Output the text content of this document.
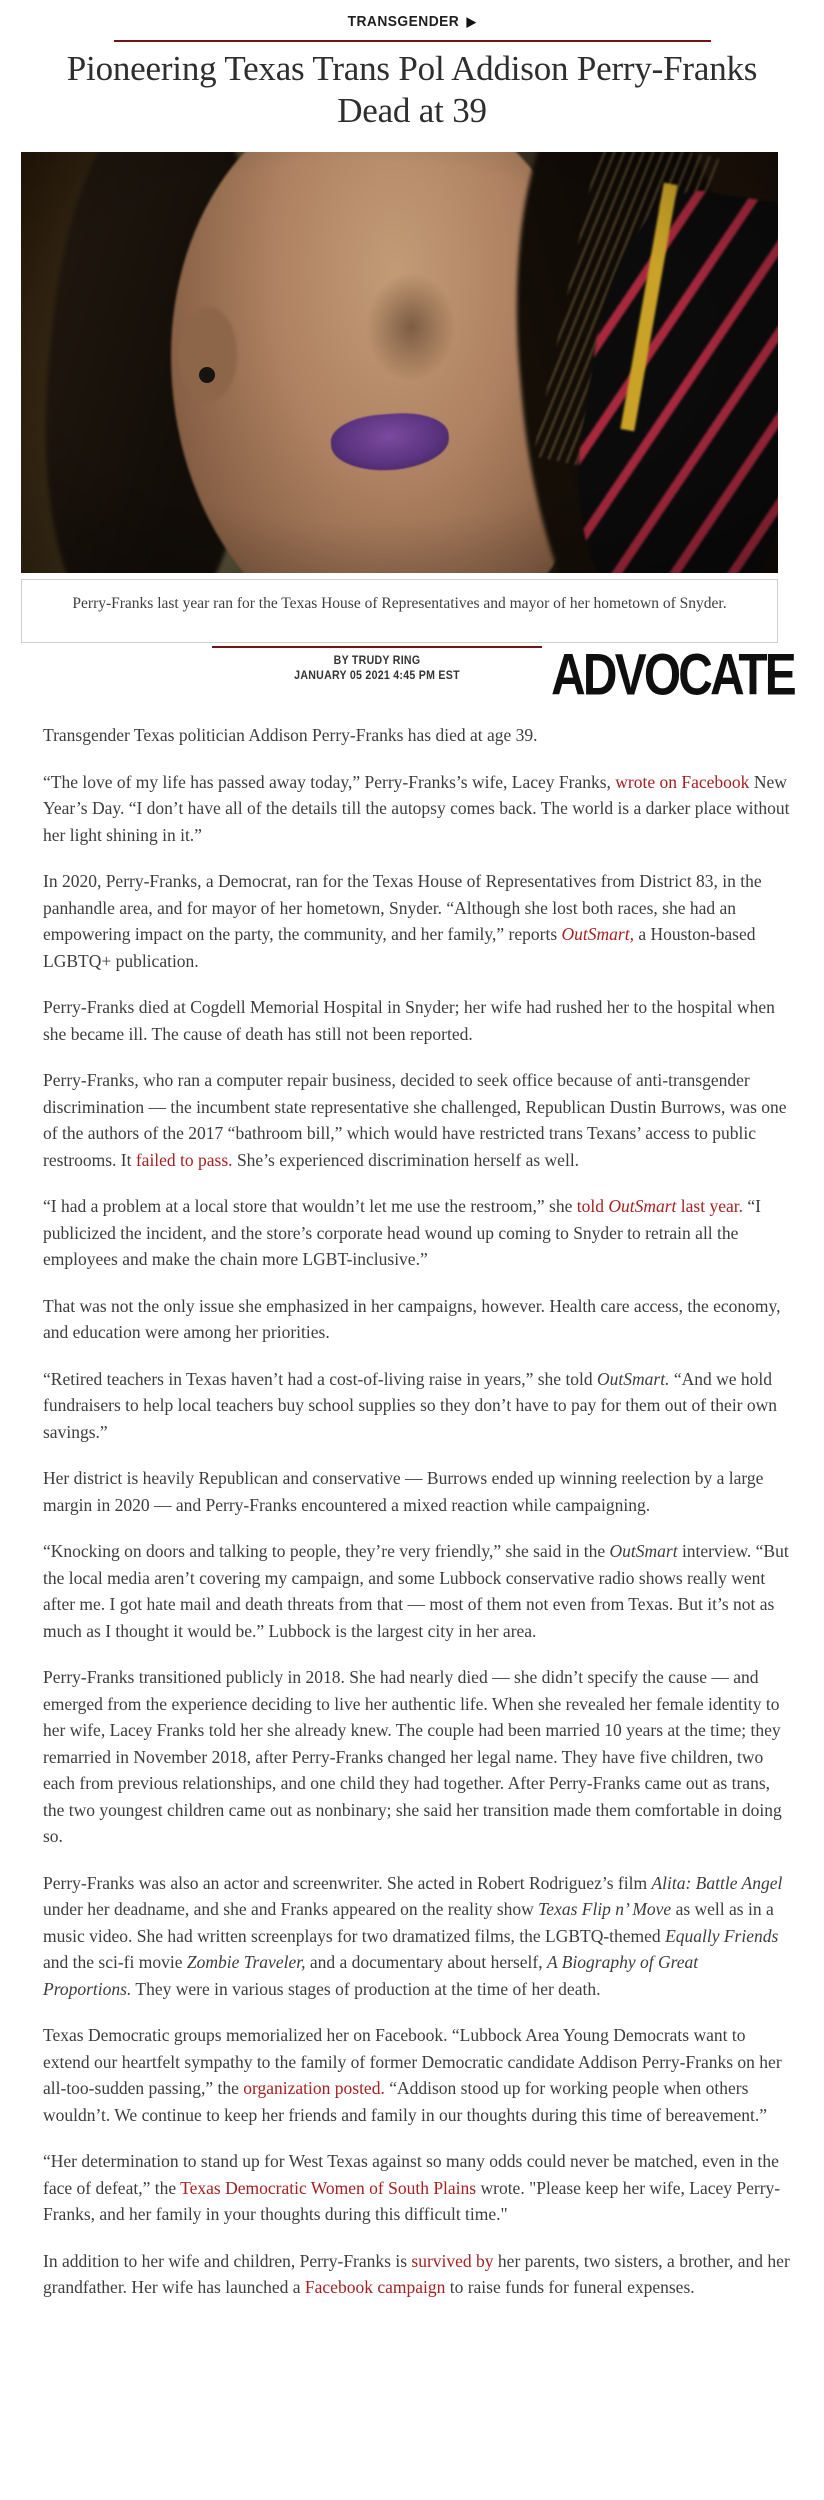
TRANSGENDER ▶
Pioneering Texas Trans Pol Addison Perry-Franks Dead at 39
Perry-Franks last year ran for the Texas House of Representatives and mayor of her hometown of Snyder.
BY TRUDY RING
JANUARY 05 2021 4:45 PM EST	ADVOCATE

Transgender Texas politician Addison Perry-Franks has died at age 39.

“The love of my life has passed away today,” Perry-Franks’s wife, Lacey Franks, wrote on Facebook New Year’s Day. “I don’t have all of the details till the autopsy comes back. The world is a darker place without her light shining in it.”

In 2020, Perry-Franks, a Democrat, ran for the Texas House of Representatives from District 83, in the panhandle area, and for mayor of her hometown, Snyder. “Although she lost both races, she had an empowering impact on the party, the community, and her family,” reports OutSmart, a Houston-based LGBTQ+ publication.

Perry-Franks died at Cogdell Memorial Hospital in Snyder; her wife had rushed her to the hospital when she became ill. The cause of death has still not been reported.

Perry-Franks, who ran a computer repair business, decided to seek office because of anti-transgender discrimination — the incumbent state representative she challenged, Republican Dustin Burrows, was one of the authors of the 2017 “bathroom bill,” which would have restricted trans Texans’ access to public restrooms. It failed to pass. She’s experienced discrimination herself as well.

“I had a problem at a local store that wouldn’t let me use the restroom,” she told OutSmart last year. “I publicized the incident, and the store’s corporate head wound up coming to Snyder to retrain all the employees and make the chain more LGBT-inclusive.”

That was not the only issue she emphasized in her campaigns, however. Health care access, the economy, and education were among her priorities.

“Retired teachers in Texas haven’t had a cost-of-living raise in years,” she told OutSmart. “And we hold fundraisers to help local teachers buy school supplies so they don’t have to pay for them out of their own savings.”

Her district is heavily Republican and conservative — Burrows ended up winning reelection by a large margin in 2020 — and Perry-Franks encountered a mixed reaction while campaigning.

“Knocking on doors and talking to people, they’re very friendly,” she said in the OutSmart interview. “But the local media aren’t covering my campaign, and some Lubbock conservative radio shows really went after me. I got hate mail and death threats from that — most of them not even from Texas. But it’s not as much as I thought it would be.” Lubbock is the largest city in her area.

Perry-Franks transitioned publicly in 2018. She had nearly died — she didn’t specify the cause — and emerged from the experience deciding to live her authentic life. When she revealed her female identity to her wife, Lacey Franks told her she already knew. The couple had been married 10 years at the time; they remarried in November 2018, after Perry-Franks changed her legal name. They have five children, two each from previous relationships, and one child they had together. After Perry-Franks came out as trans, the two youngest children came out as nonbinary; she said her transition made them comfortable in doing so.

Perry-Franks was also an actor and screenwriter. She acted in Robert Rodriguez’s film Alita: Battle Angel under her deadname, and she and Franks appeared on the reality show Texas Flip n’ Move as well as in a music video. She had written screenplays for two dramatized films, the LGBTQ-themed Equally Friends and the sci-fi movie Zombie Traveler, and a documentary about herself, A Biography of Great Proportions. They were in various stages of production at the time of her death.

Texas Democratic groups memorialized her on Facebook. “Lubbock Area Young Democrats want to extend our heartfelt sympathy to the family of former Democratic candidate Addison Perry-Franks on her all-too-sudden passing,” the organization posted. “Addison stood up for working people when others wouldn’t. We continue to keep her friends and family in our thoughts during this time of bereavement.”

“Her determination to stand up for West Texas against so many odds could never be matched, even in the face of defeat,” the Texas Democratic Women of South Plains wrote. "Please keep her wife, Lacey Perry-Franks, and her family in your thoughts during this difficult time."

In addition to her wife and children, Perry-Franks is survived by her parents, two sisters, a brother, and her grandfather. Her wife has launched a Facebook campaign to raise funds for funeral expenses.
